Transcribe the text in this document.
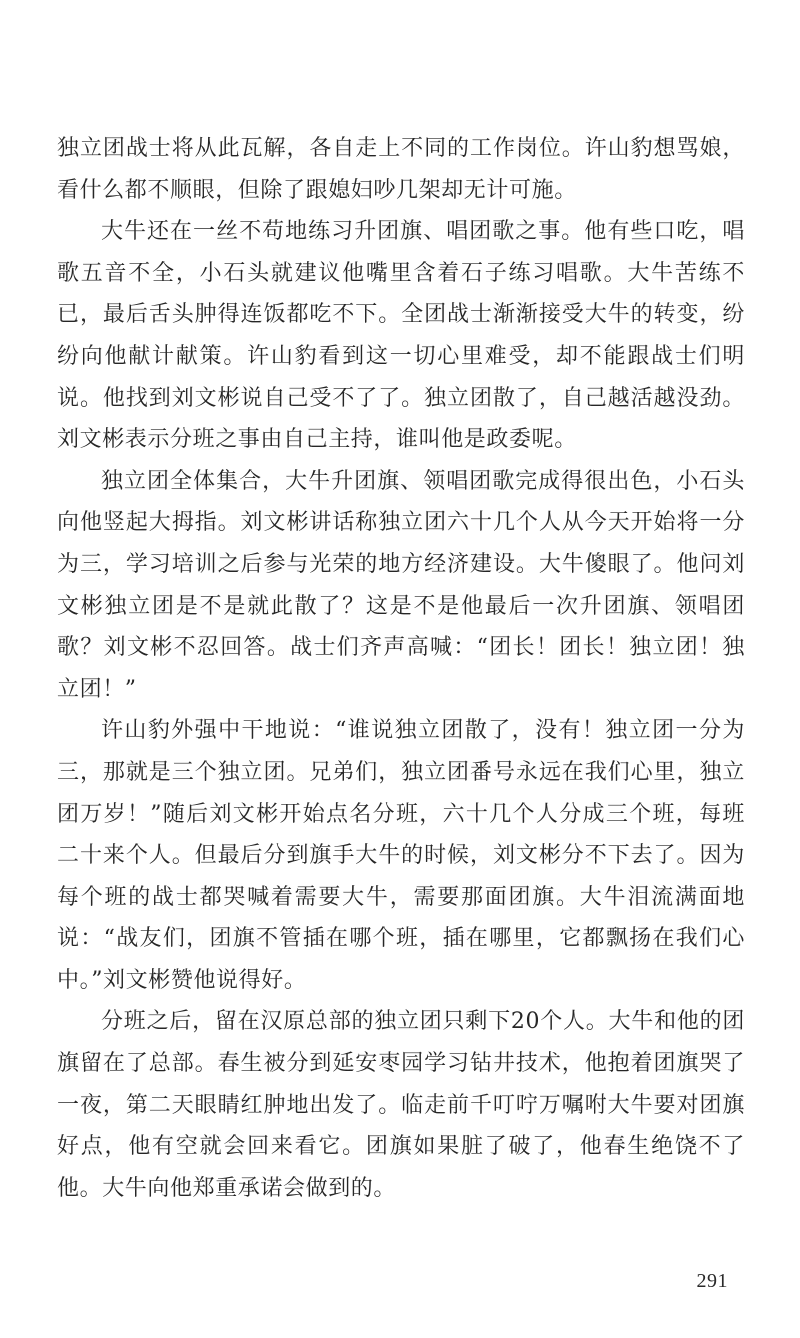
独立团战士将从此瓦解，各自走上不同的工作岗位。许山豹想骂娘，看什么都不顺眼，但除了跟媳妇吵几架却无计可施。

大牛还在一丝不苟地练习升团旗、唱团歌之事。他有些口吃，唱歌五音不全，小石头就建议他嘴里含着石子练习唱歌。大牛苦练不已，最后舌头肿得连饭都吃不下。全团战士渐渐接受大牛的转变，纷纷向他献计献策。许山豹看到这一切心里难受，却不能跟战士们明说。他找到刘文彬说自己受不了了。独立团散了，自己越活越没劲。刘文彬表示分班之事由自己主持，谁叫他是政委呢。

独立团全体集合，大牛升团旗、领唱团歌完成得很出色，小石头向他竖起大拇指。刘文彬讲话称独立团六十几个人从今天开始将一分为三，学习培训之后参与光荣的地方经济建设。大牛傻眼了。他问刘文彬独立团是不是就此散了？这是不是他最后一次升团旗、领唱团歌？刘文彬不忍回答。战士们齐声高喊：“团长！团长！独立团！独立团！”

许山豹外强中干地说：“谁说独立团散了，没有！独立团一分为三，那就是三个独立团。兄弟们，独立团番号永远在我们心里，独立团万岁！”随后刘文彬开始点名分班，六十几个人分成三个班，每班二十来个人。但最后分到旗手大牛的时候，刘文彬分不下去了。因为每个班的战士都哭喊着需要大牛，需要那面团旗。大牛泪流满面地说：“战友们，团旗不管插在哪个班，插在哪里，它都飘扬在我们心中。”刘文彬赞他说得好。

分班之后，留在汉原总部的独立团只剩下20个人。大牛和他的团旗留在了总部。春生被分到延安枣园学习钻井技术，他抱着团旗哭了一夜，第二天眼睛红肿地出发了。临走前千叮咛万嘱咐大牛要对团旗好点，他有空就会回来看它。团旗如果脏了破了，他春生绝饶不了他。大牛向他郑重承诺会做到的。

291
